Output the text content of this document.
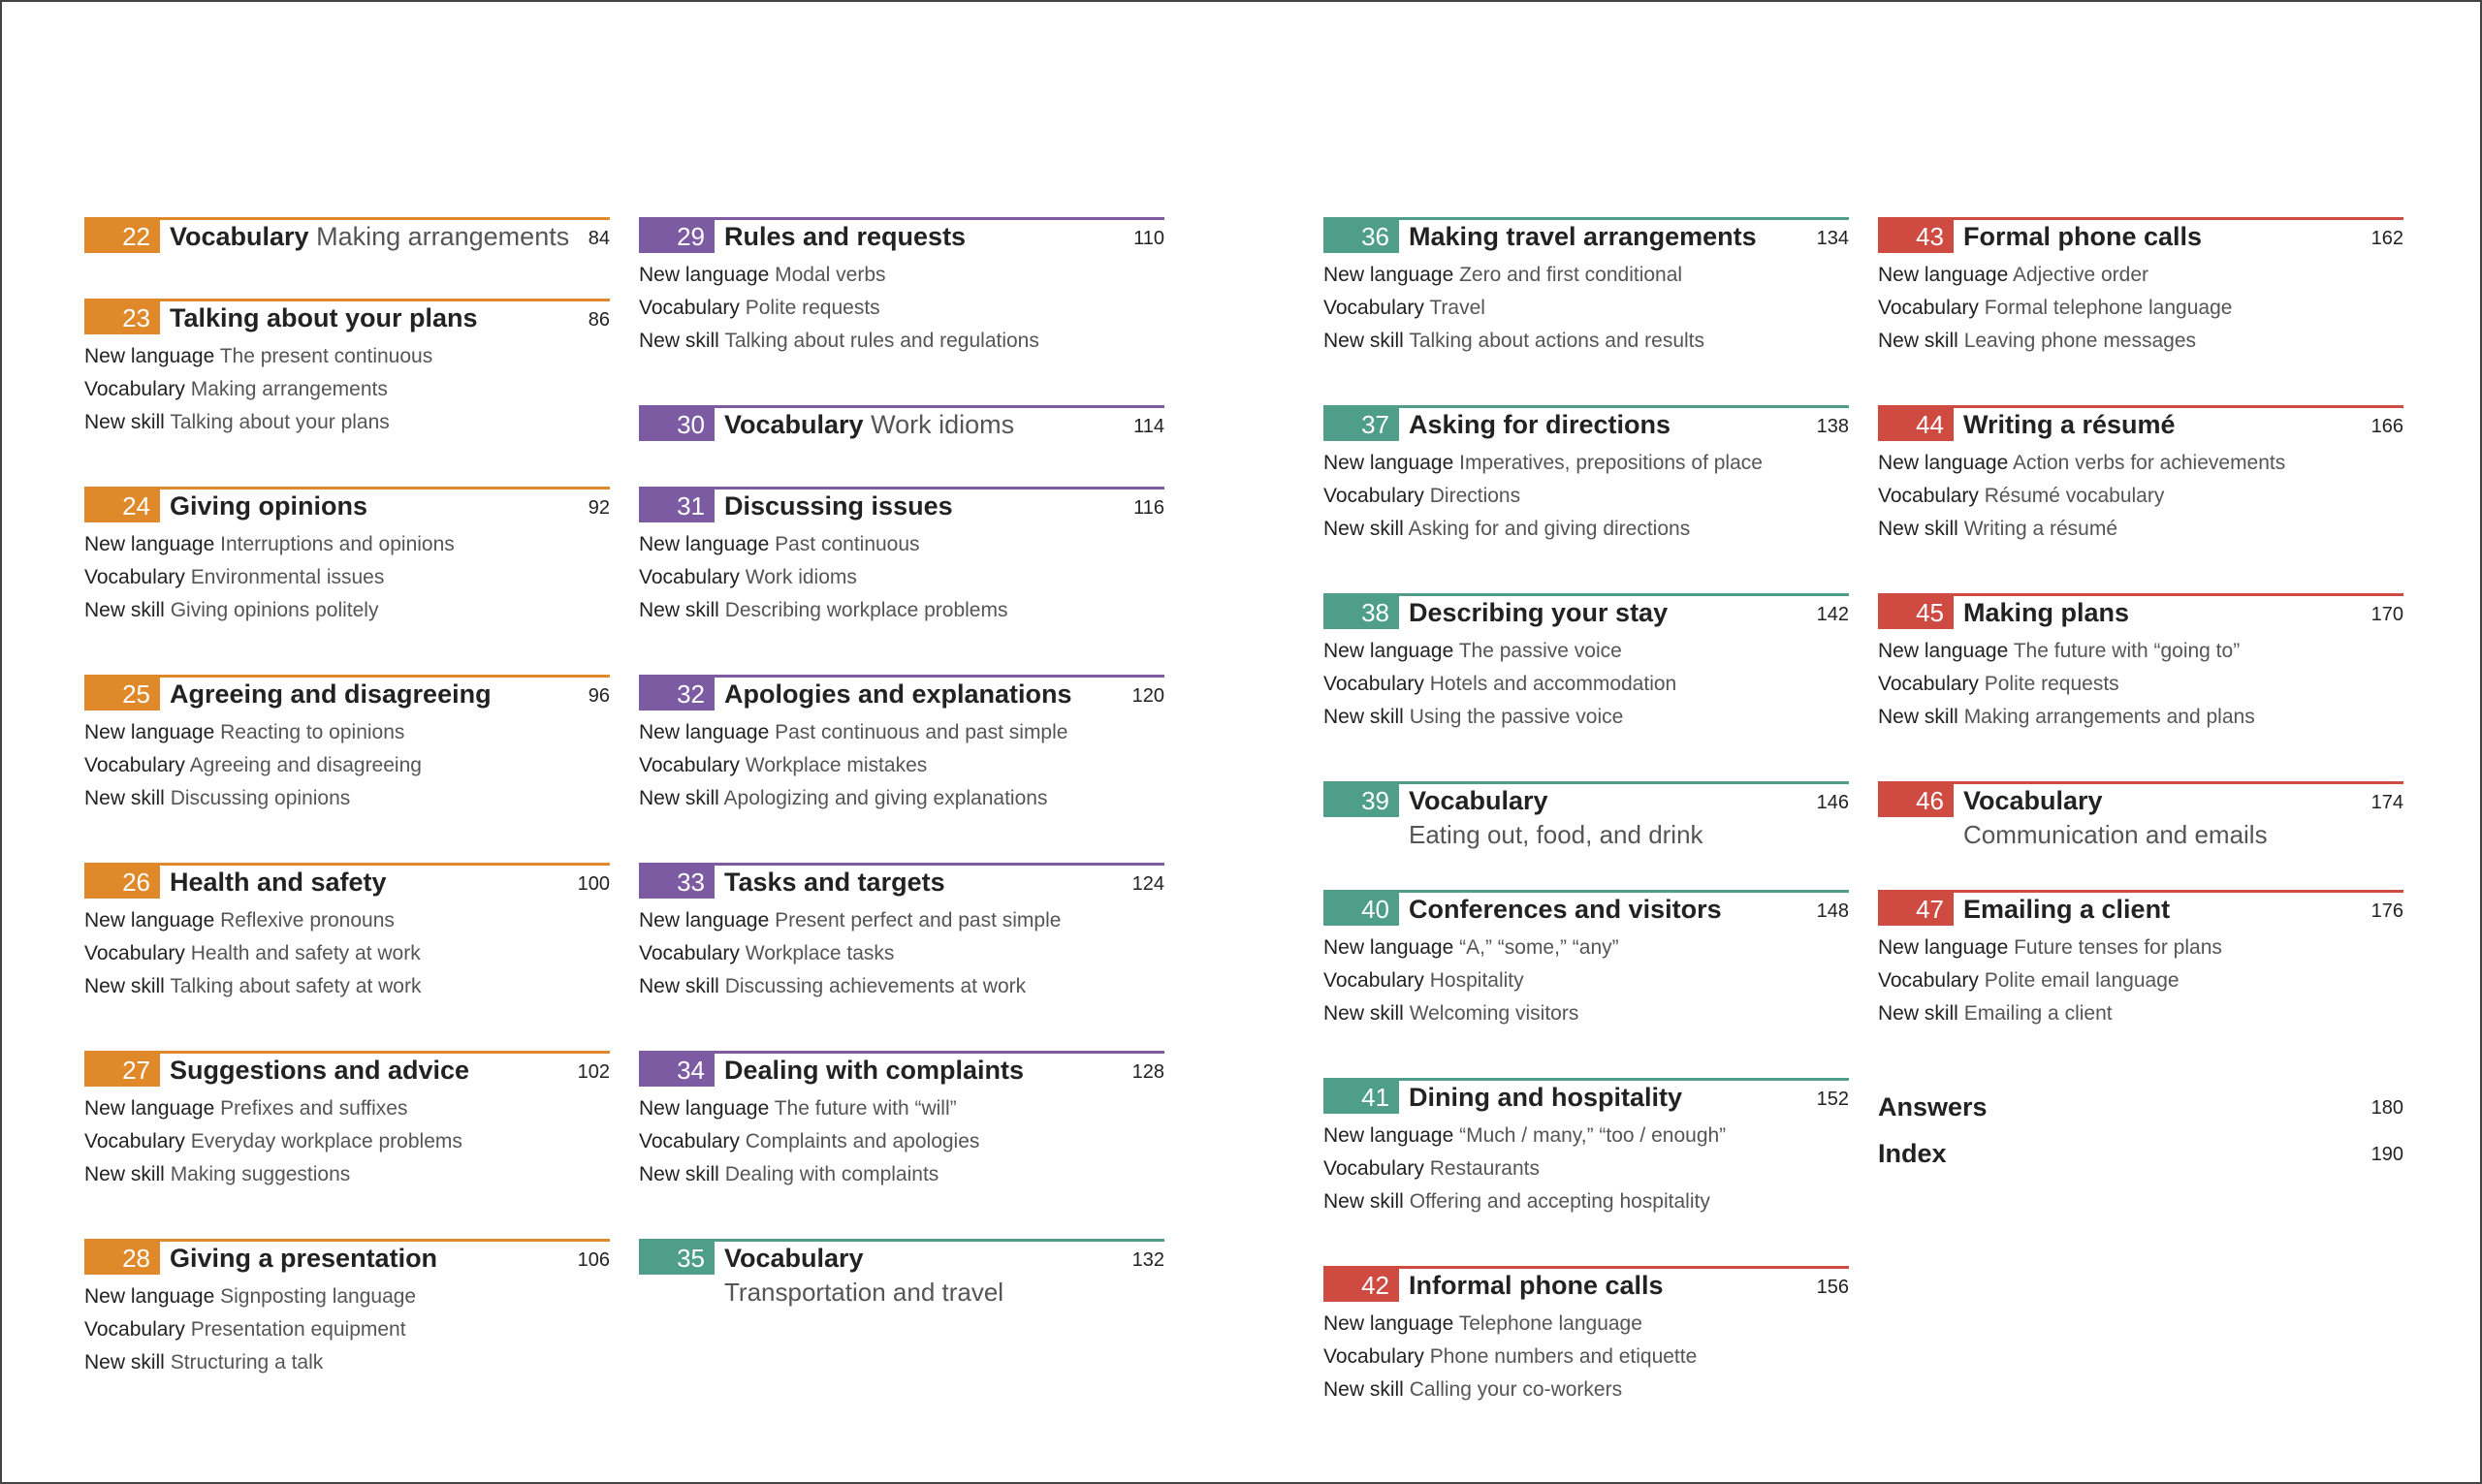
22 Vocabulary Making arrangements 84
23 Talking about your plans	86
New language The present continuous
Vocabulary Making arrangements
New skill Talking about your plans
24 Giving opinions	92
New language Interruptions and opinions
Vocabulary Environmental issues
New skill Giving opinions politely
25 Agreeing and disagreeing	96
New language Reacting to opinions
Vocabulary Agreeing and disagreeing
New skill Discussing opinions
26 Health and safety	100
New language Reflexive pronouns
Vocabulary Health and safety at work
New skill Talking about safety at work
27 Suggestions and advice	102
New language Prefixes and suffixes
Vocabulary Everyday workplace problems
New skill Making suggestions
28 Giving a presentation	106
New language Signposting language
Vocabulary Presentation equipment
New skill Structuring a talk
29 Rules and requests	110
New language Modal verbs
Vocabulary Polite requests
New skill Talking about rules and regulations
30 Vocabulary Work idioms	114
31 Discussing issues	116
New language Past continuous
Vocabulary Work idioms
New skill Describing workplace problems
32 Apologies and explanations	120
New language Past continuous and past simple
Vocabulary Workplace mistakes
New skill Apologizing and giving explanations
33 Tasks and targets	124
New language Present perfect and past simple
Vocabulary Workplace tasks
New skill Discussing achievements at work
34 Dealing with complaints	128
New language The future with “will”
Vocabulary Complaints and apologies
New skill Dealing with complaints
35 Vocabulary	132
Transportation and travel
36 Making travel arrangements	134
New language Zero and first conditional
Vocabulary Travel
New skill Talking about actions and results
37 Asking for directions	138
New language Imperatives, prepositions of place
Vocabulary Directions
New skill Asking for and giving directions
38 Describing your stay	142
New language The passive voice
Vocabulary Hotels and accommodation
New skill Using the passive voice
39 Vocabulary	146
Eating out, food, and drink
40 Conferences and visitors	148
New language “A,” “some,” “any”
Vocabulary Hospitality
New skill Welcoming visitors
41 Dining and hospitality	152
New language “Much / many,” “too / enough”
Vocabulary Restaurants
New skill Offering and accepting hospitality
42 Informal phone calls	156
New language Telephone language
Vocabulary Phone numbers and etiquette
New skill Calling your co-workers
43 Formal phone calls	162
New language Adjective order
Vocabulary Formal telephone language
New skill Leaving phone messages
44 Writing a résumé	166
New language Action verbs for achievements
Vocabulary Résumé vocabulary
New skill Writing a résumé
45 Making plans	170
New language The future with “going to”
Vocabulary Polite requests
New skill Making arrangements and plans
46 Vocabulary	174
Communication and emails
47 Emailing a client	176
New language Future tenses for plans
Vocabulary Polite email language
New skill Emailing a client
Answers	180
Index	190
